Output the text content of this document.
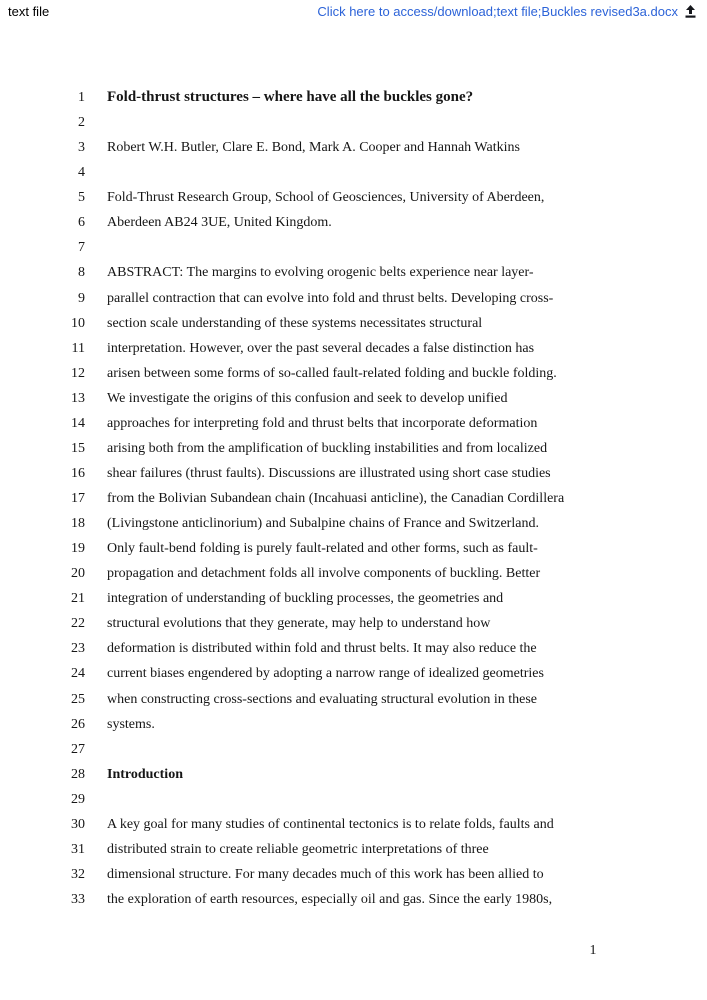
text file	Click here to access/download;text file;Buckles revised3a.docx
1	Fold-thrust structures – where have all the buckles gone?
2
3	Robert W.H. Butler, Clare E. Bond, Mark A. Cooper and Hannah Watkins
4
5	Fold-Thrust Research Group, School of Geosciences, University of Aberdeen,
6	Aberdeen AB24 3UE, United Kingdom.
7
8	ABSTRACT: The margins to evolving orogenic belts experience near layer-
9	parallel contraction that can evolve into fold and thrust belts. Developing cross-
10	section scale understanding of these systems necessitates structural
11	interpretation. However, over the past several decades a false distinction has
12	arisen between some forms of so-called fault-related folding and buckle folding.
13	We investigate the origins of this confusion and seek to develop unified
14	approaches for interpreting fold and thrust belts that incorporate deformation
15	arising both from the amplification of buckling instabilities and from localized
16	shear failures (thrust faults). Discussions are illustrated using short case studies
17	from the Bolivian Subandean chain (Incahuasi anticline), the Canadian Cordillera
18	(Livingstone anticlinorium) and Subalpine chains of France and Switzerland.
19	Only fault-bend folding is purely fault-related and other forms, such as fault-
20	propagation and detachment folds all involve components of buckling. Better
21	integration of understanding of buckling processes, the geometries and
22	structural evolutions that they generate, may help to understand how
23	deformation is distributed within fold and thrust belts. It may also reduce the
24	current biases engendered by adopting a narrow range of idealized geometries
25	when constructing cross-sections and evaluating structural evolution in these
26	systems.
27
28	Introduction
29
30	A key goal for many studies of continental tectonics is to relate folds, faults and
31	distributed strain to create reliable geometric interpretations of three
32	dimensional structure. For many decades much of this work has been allied to
33	the exploration of earth resources, especially oil and gas. Since the early 1980s,
1
